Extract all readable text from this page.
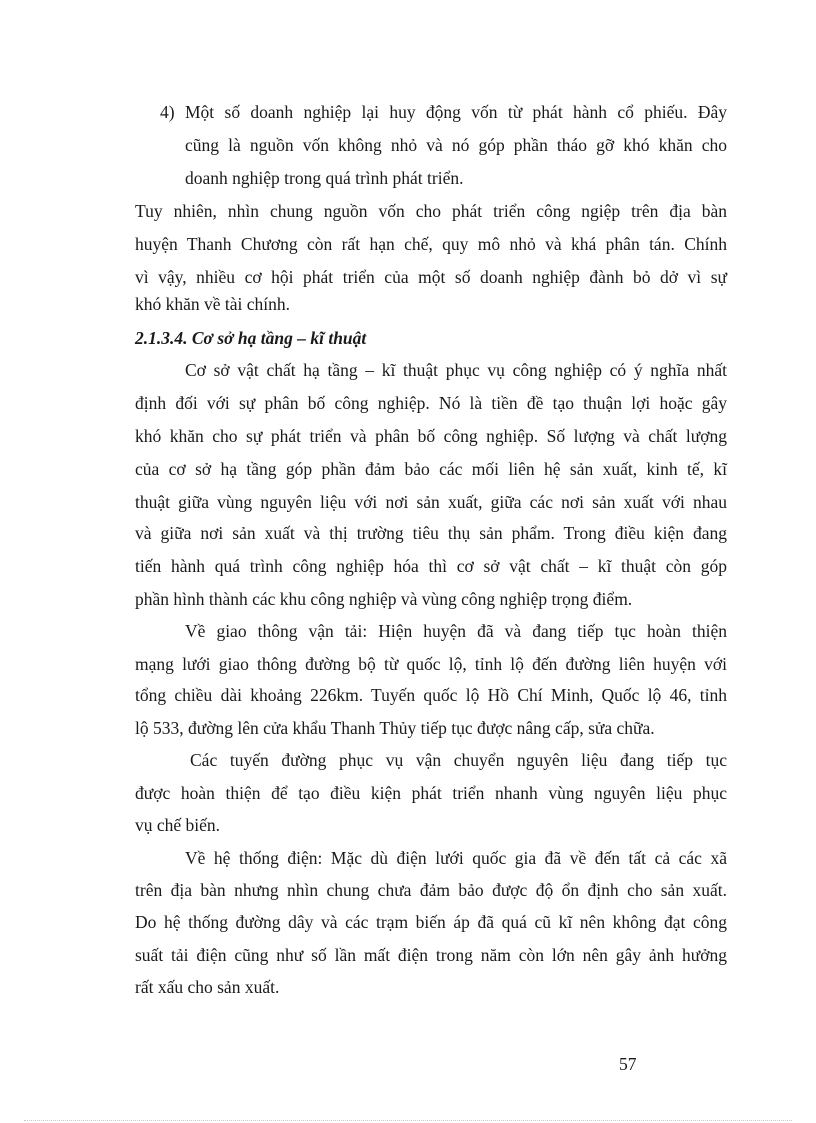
4) Một số doanh nghiệp lại huy động vốn từ phát hành cổ phiếu. Đây
cũng là nguồn vốn không nhỏ và nó góp phần tháo gỡ khó khăn cho
doanh nghiệp trong quá trình phát triển.
Tuy nhiên, nhìn chung nguồn vốn cho phát triển công ngiệp trên địa bàn
huyện Thanh Chương còn rất hạn chế, quy mô nhỏ và khá phân tán. Chính
vì vậy, nhiều cơ hội phát triển của một số doanh nghiệp đành bỏ dở vì sự
khó khăn về tài chính.
2.1.3.4. Cơ sở hạ tầng – kĩ thuật
Cơ sở vật chất hạ tầng – kĩ thuật phục vụ công nghiệp có ý nghĩa nhất
định đối với sự phân bố công nghiệp. Nó là tiền đề tạo thuận lợi hoặc gây
khó khăn cho sự phát triển và phân bố công nghiệp. Số lượng và chất lượng
của cơ sở hạ tầng góp phần đảm bảo các mối liên hệ sản xuất, kinh tế, kĩ
thuật giữa vùng nguyên liệu với nơi sản xuất, giữa các nơi sản xuất với nhau
và giữa nơi sản xuất và thị trường tiêu thụ sản phẩm. Trong điều kiện đang
tiến hành quá trình công nghiệp hóa thì cơ sở vật chất – kĩ thuật còn góp
phần hình thành các khu công nghiệp và vùng công nghiệp trọng điểm.
Về giao thông vận tải: Hiện huyện đã và đang tiếp tục hoàn thiện
mạng lưới giao thông đường bộ từ quốc lộ, tỉnh lộ đến đường liên huyện với
tổng chiều dài khoảng 226km. Tuyến quốc lộ Hồ Chí Minh, Quốc lộ 46, tỉnh
lộ 533, đường lên cửa khẩu Thanh Thủy tiếp tục được nâng cấp, sửa chữa.
Các tuyến đường phục vụ vận chuyển nguyên liệu đang tiếp tục
được hoàn thiện để tạo điều kiện phát triển nhanh vùng nguyên liệu phục
vụ chế biến.
Về hệ thống điện: Mặc dù điện lưới quốc gia đã về đến tất cả các xã
trên địa bàn nhưng nhìn chung chưa đảm bảo được độ ổn định cho sản xuất.
Do hệ thống đường dây và các trạm biến áp đã quá cũ kĩ nên không đạt công
suất tải điện cũng như số lần mất điện trong năm còn lớn nên gây ảnh hưởng
rất xấu cho sản xuất.
57
